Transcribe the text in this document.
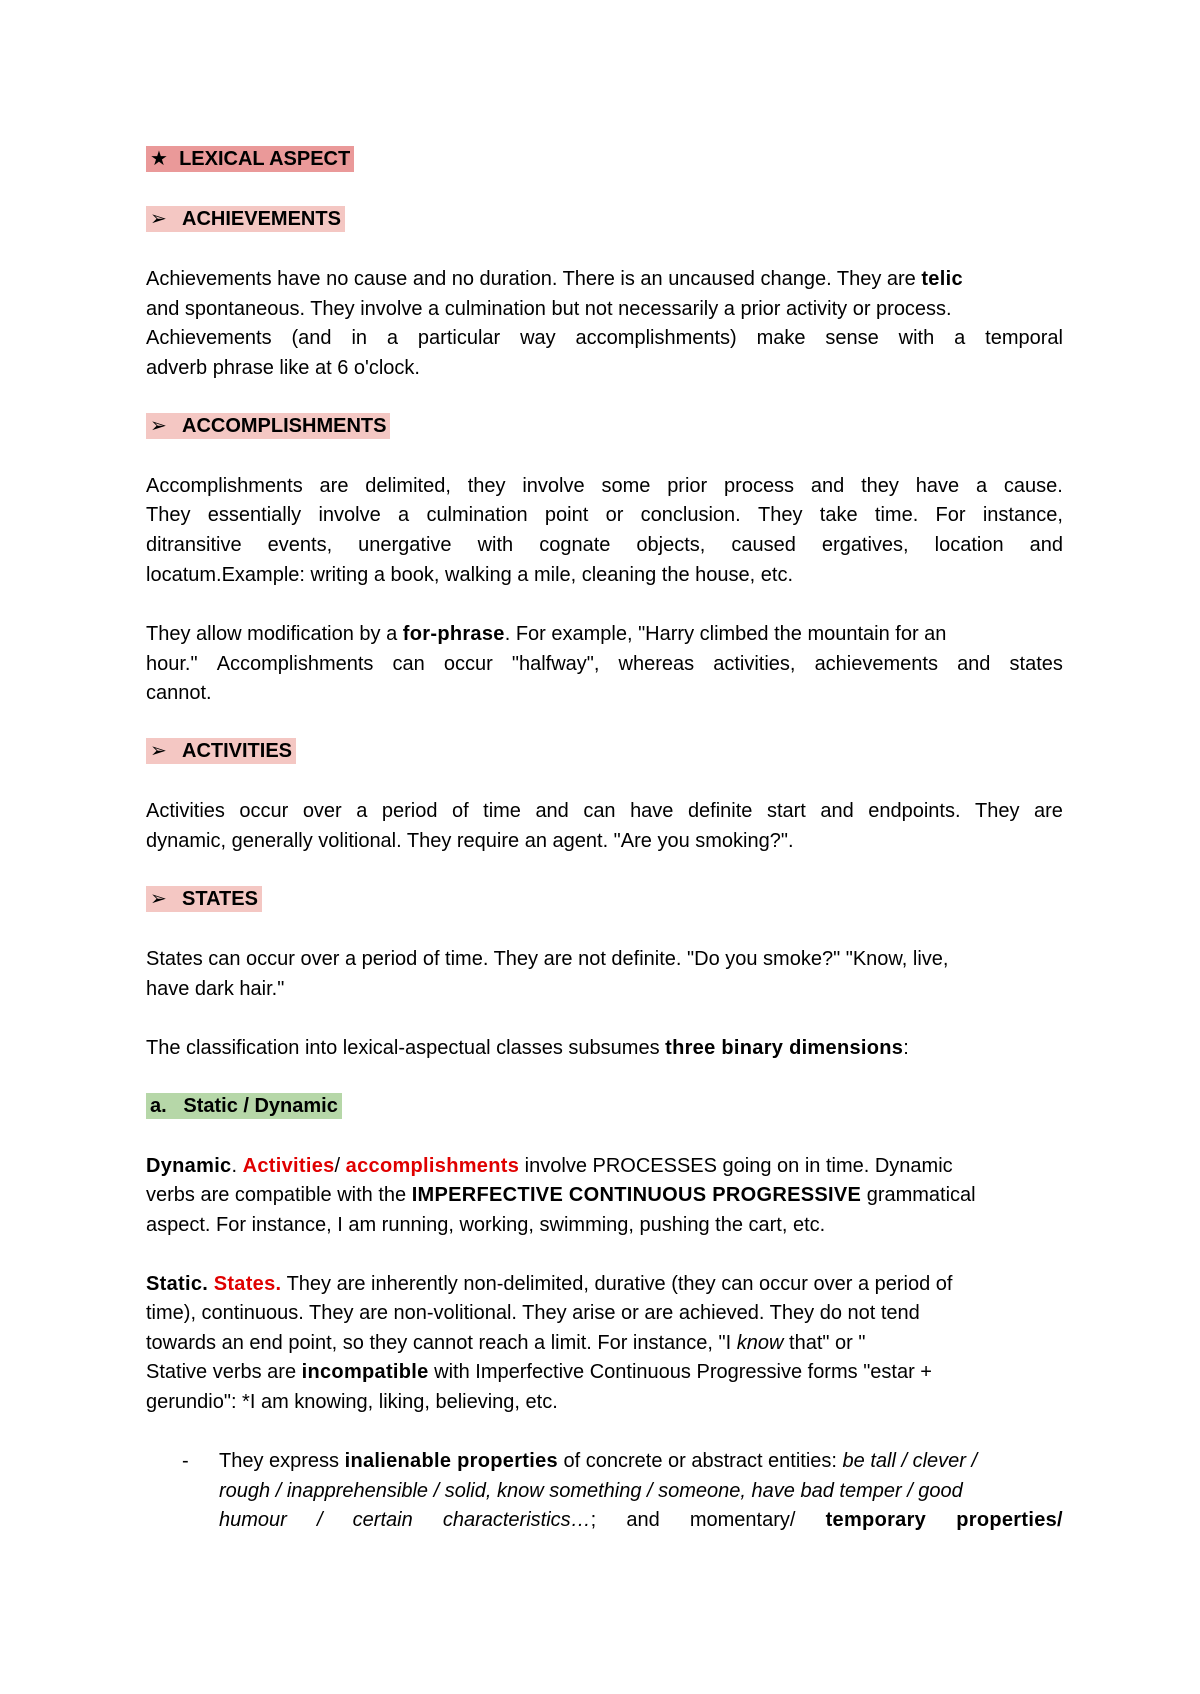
★ LEXICAL ASPECT
➢ ACHIEVEMENTS
Achievements have no cause and no duration. There is an uncaused change. They are telic
and spontaneous. They involve a culmination but not necessarily a prior activity or process.
Achievements (and in a particular way accomplishments) make sense with a temporal
adverb phrase like at 6 o'clock.
➢ ACCOMPLISHMENTS
Accomplishments are delimited, they involve some prior process and they have a cause.
They essentially involve a culmination point or conclusion. They take time. For instance,
ditransitive events, unergative with cognate objects, caused ergatives, location and
locatum.Example: writing a book, walking a mile, cleaning the house, etc.
They allow modification by a for-phrase. For example, "Harry climbed the mountain for an
hour." Accomplishments can occur "halfway", whereas activities, achievements and states
cannot.
➢ ACTIVITIES
Activities occur over a period of time and can have definite start and endpoints. They are
dynamic, generally volitional. They require an agent. "Are you smoking?".
➢ STATES
States can occur over a period of time. They are not definite. "Do you smoke?" "Know, live,
have dark hair."
The classification into lexical-aspectual classes subsumes three binary dimensions:
a. Static / Dynamic
Dynamic. Activities/ accomplishments involve PROCESSES going on in time. Dynamic
verbs are compatible with the IMPERFECTIVE CONTINUOUS PROGRESSIVE grammatical
aspect. For instance, I am running, working, swimming, pushing the cart, etc.
Static. States. They are inherently non-delimited, durative (they can occur over a period of
time), continuous. They are non-volitional. They arise or are achieved. They do not tend
towards an end point, so they cannot reach a limit. For instance, "I know that" or "
Stative verbs are incompatible with Imperfective Continuous Progressive forms "estar +
gerundio": *I am knowing, liking, believing, etc.
- They express inalienable properties of concrete or abstract entities: be tall / clever /
rough / inapprehensible / solid, know something / someone, have bad temper / good
humour / certain characteristics…; and momentary/ temporary properties/
